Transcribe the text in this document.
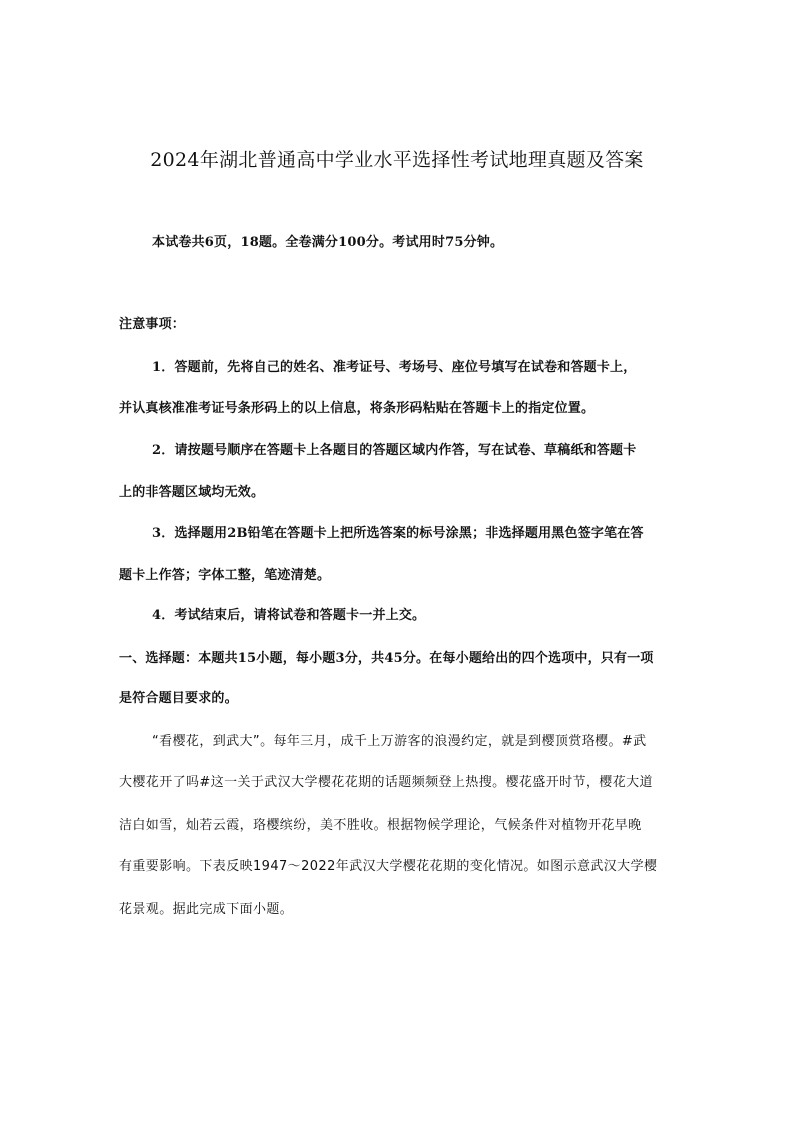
2024年湖北普通高中学业水平选择性考试地理真题及答案
本试卷共6页，18题。全卷满分100分。考试用时75分钟。
注意事项：
1．答题前，先将自己的姓名、准考证号、考场号、座位号填写在试卷和答题卡上，
并认真核准准考证号条形码上的以上信息，将条形码粘贴在答题卡上的指定位置。
2．请按题号顺序在答题卡上各题目的答题区域内作答，写在试卷、草稿纸和答题卡
上的非答题区域均无效。
3．选择题用2B铅笔在答题卡上把所选答案的标号涂黑；非选择题用黑色签字笔在答
题卡上作答；字体工整，笔迹清楚。
4．考试结束后，请将试卷和答题卡一并上交。
一、选择题：本题共15小题，每小题3分，共45分。在每小题给出的四个选项中，只有一项
是符合题目要求的。
“看樱花，到武大”。每年三月，成千上万游客的浪漫约定，就是到樱顶赏珞樱。#武
大樱花开了吗#这一关于武汉大学樱花花期的话题频频登上热搜。樱花盛开时节，樱花大道
洁白如雪，灿若云霞，珞樱缤纷，美不胜收。根据物候学理论，气候条件对植物开花早晚
有重要影响。下表反映1947～2022年武汉大学樱花花期的变化情况。如图示意武汉大学樱
花景观。据此完成下面小题。
